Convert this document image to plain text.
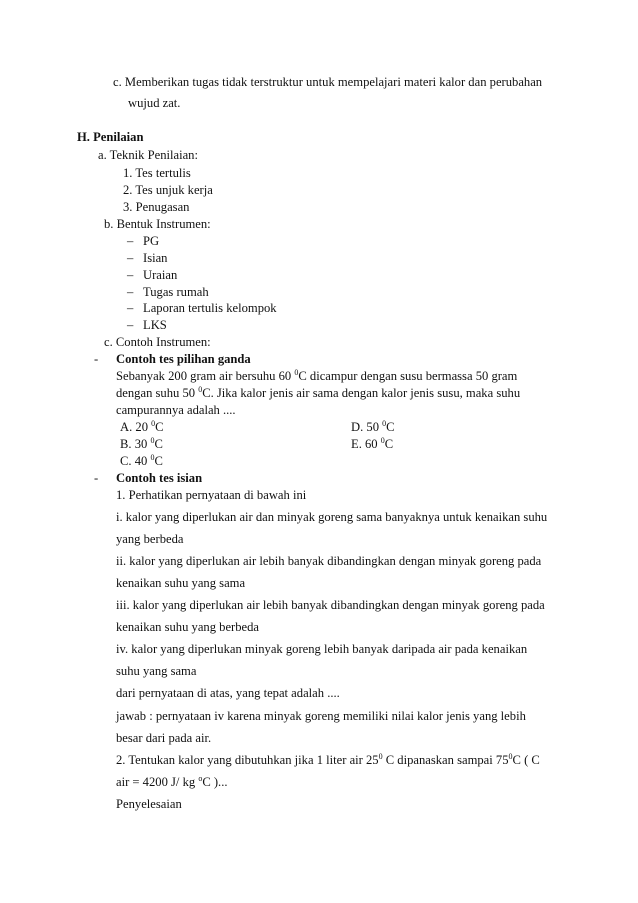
c. Memberikan tugas tidak terstruktur untuk mempelajari materi kalor dan perubahan
wujud zat.
H. Penilaian
a. Teknik Penilaian:
1. Tes tertulis
2. Tes unjuk kerja
3. Penugasan
b. Bentuk Instrumen:
– PG
– Isian
– Uraian
– Tugas rumah
– Laporan tertulis kelompok
– LKS
c. Contoh Instrumen:
- Contoh tes pilihan ganda
Sebanyak 200 gram air bersuhu 60 $^0$C dicampur dengan susu bermassa 50 gram
dengan suhu 50 $^0$C. Jika kalor jenis air sama dengan kalor jenis susu, maka suhu
campurannya adalah ....
A. 20 $^0$C	D. 50 $^0$C
B. 30 $^0$C	E. 60 $^0$C
C. 40 $^0$C
- Contoh tes isian
1. Perhatikan pernyataan di bawah ini
i. kalor yang diperlukan air dan minyak goreng sama banyaknya untuk kenaikan suhu
yang berbeda
ii. kalor yang diperlukan air lebih banyak dibandingkan dengan minyak goreng pada
kenaikan suhu yang sama
iii. kalor yang diperlukan air lebih banyak dibandingkan dengan minyak goreng pada
kenaikan suhu yang berbeda
iv. kalor yang diperlukan minyak goreng lebih banyak daripada air pada kenaikan
suhu yang sama
dari pernyataan di atas, yang tepat adalah ....
jawab : pernyataan iv karena minyak goreng memiliki nilai kalor jenis yang lebih
besar dari pada air.
2. Tentukan kalor yang dibutuhkan jika 1 liter air $25^0$ C dipanaskan sampai $75^0C$ ( C
air = 4200 J/ kg $^o$C )...
Penyelesaian
